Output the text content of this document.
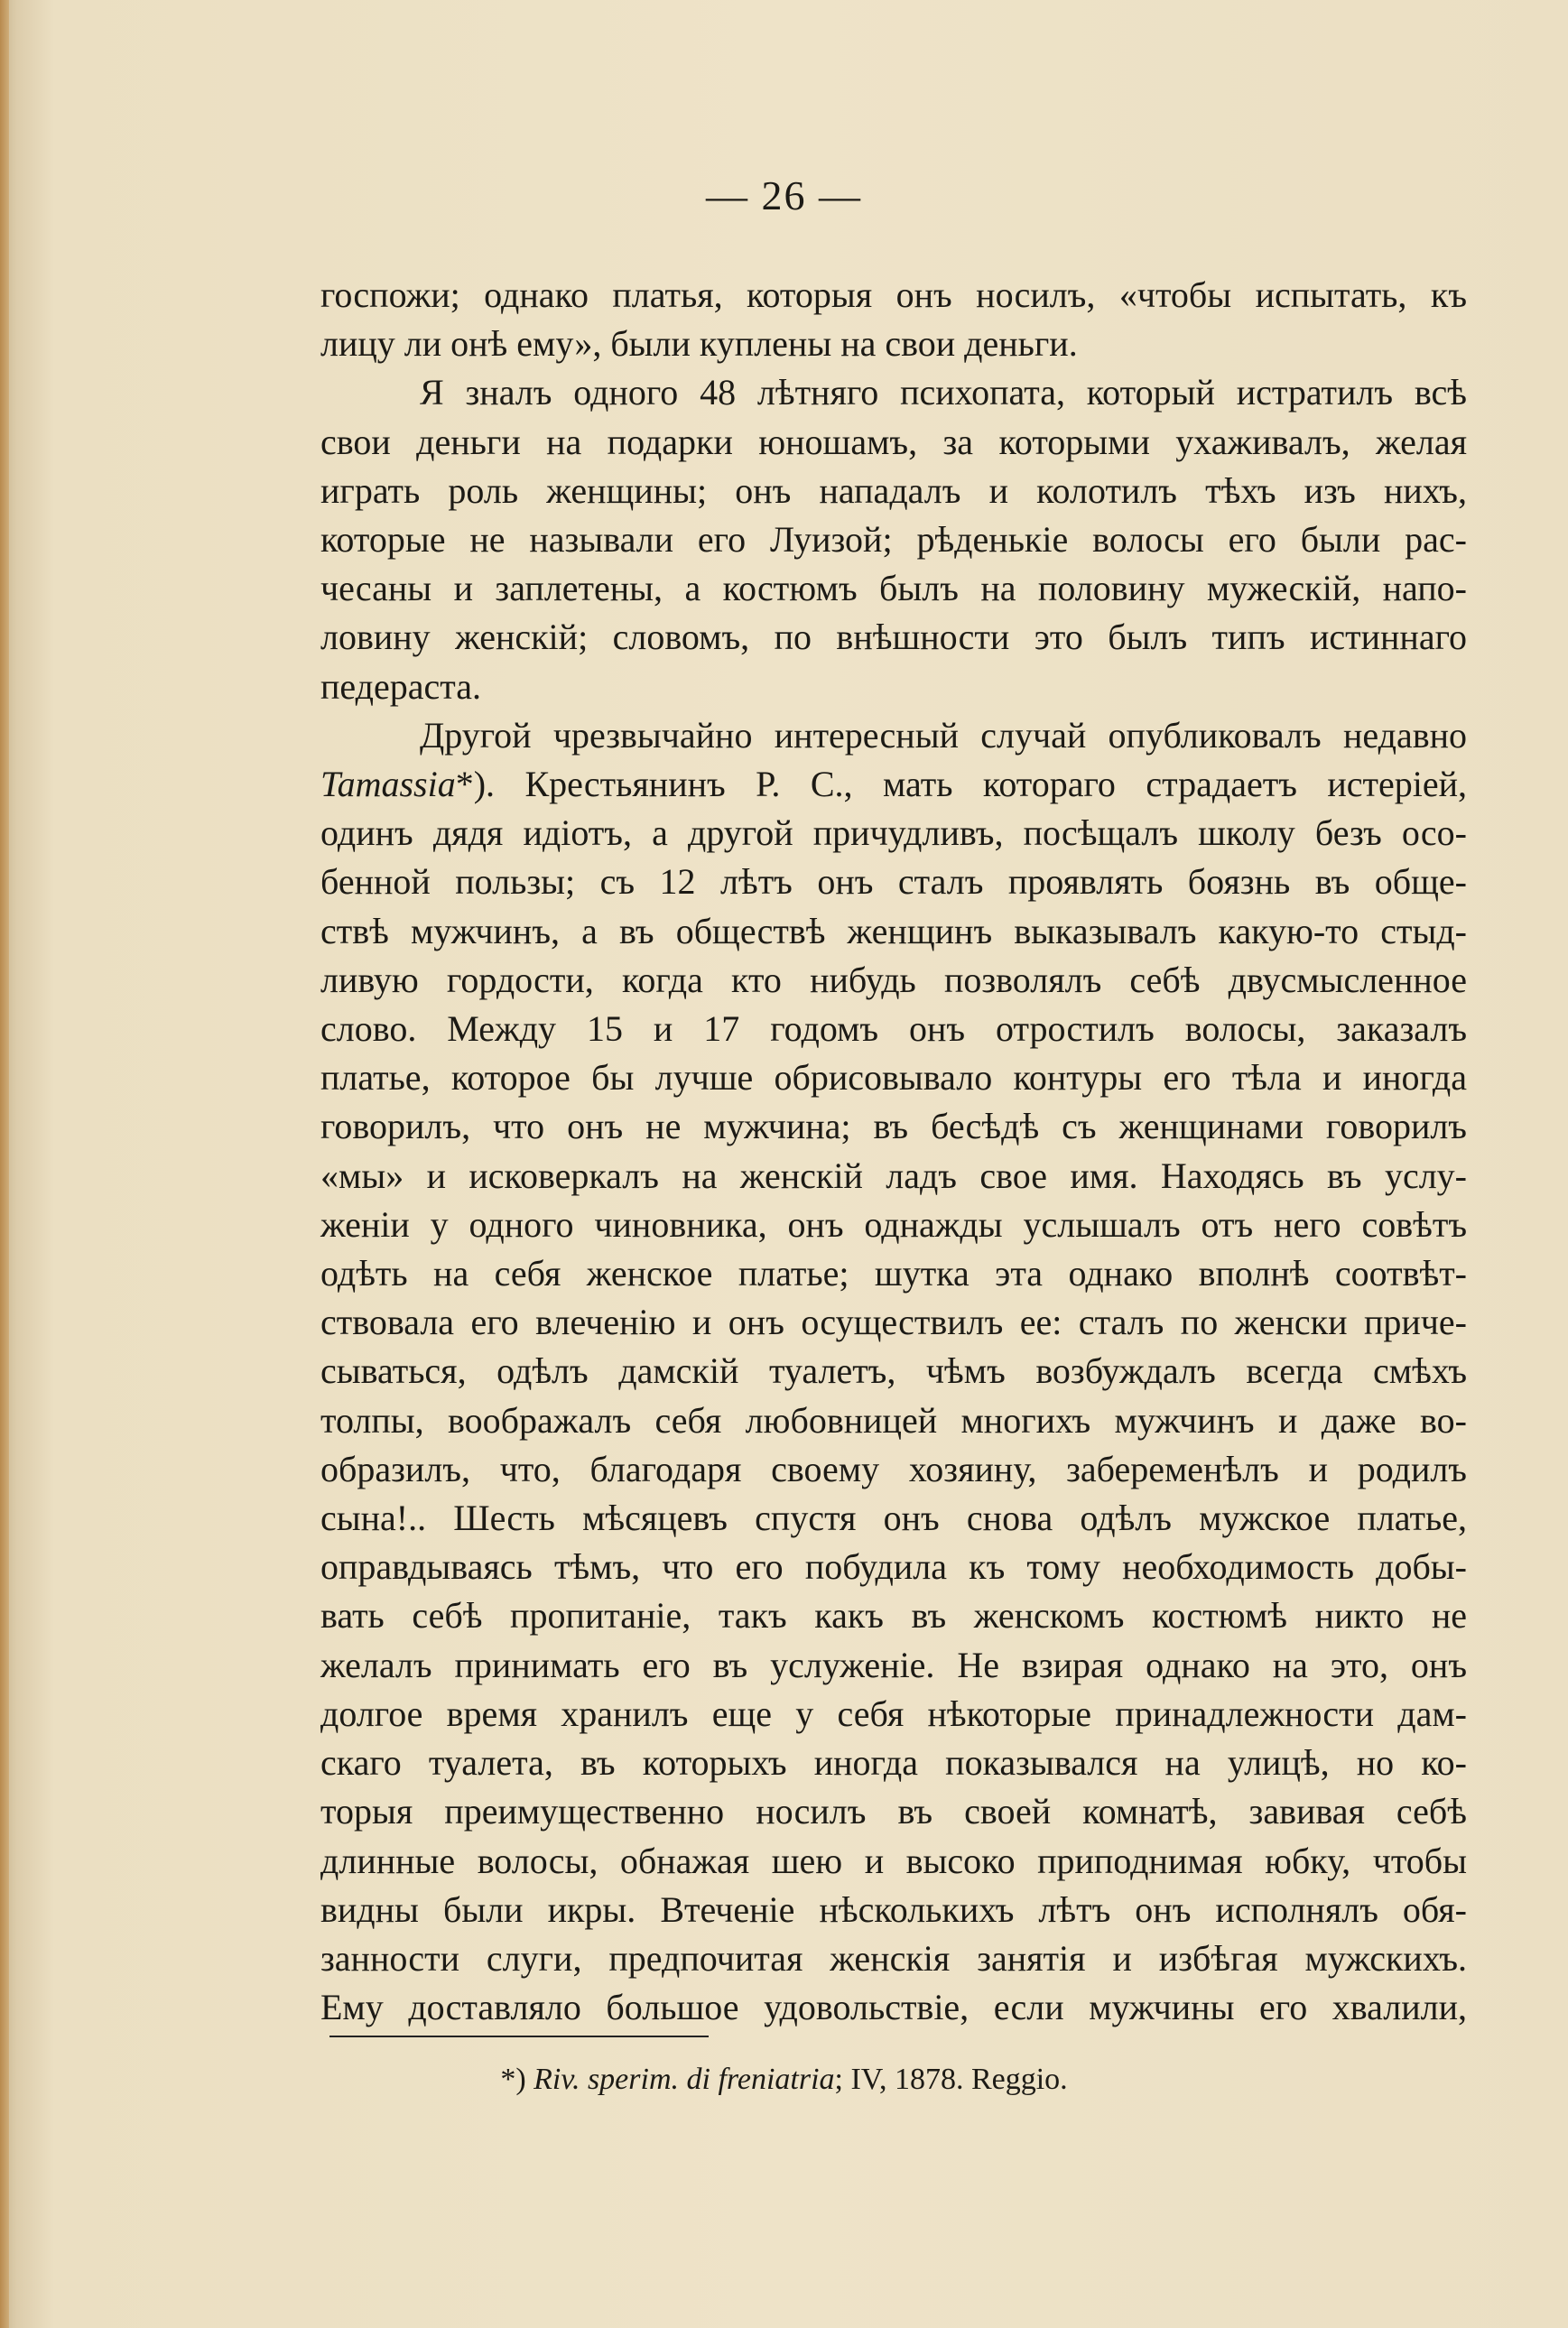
— 26 —

госпожи; однако платья, которыя онъ носилъ, «чтобы испытать, къ

лицу ли онѣ ему», были куплены на свои деньги.

Я зналъ одного 48 лѣтняго психопата, который истратилъ всѣ

свои деньги на подарки юношамъ, за которыми ухаживалъ, желая

играть роль женщины; онъ нападалъ и колотилъ тѣхъ изъ нихъ,

которые не называли его Луизой; рѣденькіе волосы его были рас-

чесаны и заплетены, а костюмъ былъ на половину мужескій, напо-

ловину женскій; словомъ, по внѣшности это былъ типъ истиннаго

педераста.

Другой чрезвычайно интересный случай опубликовалъ недавно

Tamassia*). Крестьянинъ Р. С., мать котораго страдаетъ истеріей,

одинъ дядя идіотъ, а другой причудливъ, посѣщалъ школу безъ осо-

бенной пользы; съ 12 лѣтъ онъ сталъ проявлять боязнь въ обще-

ствѣ мужчинъ, а въ обществѣ женщинъ выказывалъ какую-то стыд-

ливую гордости, когда кто нибудь позволялъ себѣ двусмысленное

слово. Между 15 и 17 годомъ онъ отростилъ волосы, заказалъ

платье, которое бы лучше обрисовывало контуры его тѣла и иногда

говорилъ, что онъ не мужчина; въ бесѣдѣ съ женщинами говорилъ

«мы» и исковеркалъ на женскій ладъ свое имя. Находясь въ услу-

женіи у одного чиновника, онъ однажды услышалъ отъ него совѣтъ

одѣть на себя женское платье; шутка эта однако вполнѣ соотвѣт-

ствовала его влеченію и онъ осуществилъ ее: сталъ по женски приче-

сываться, одѣлъ дамскій туалетъ, чѣмъ возбуждалъ всегда смѣхъ

толпы, воображалъ себя любовницей многихъ мужчинъ и даже во-

образилъ, что, благодаря своему хозяину, забеременѣлъ и родилъ

сына!.. Шесть мѣсяцевъ спустя онъ снова одѣлъ мужское платье,

оправдываясь тѣмъ, что его побудила къ тому необходимость добы-

вать себѣ пропитаніе, такъ какъ въ женскомъ костюмѣ никто не

желалъ принимать его въ услуженіе. Не взирая однако на это, онъ

долгое время хранилъ еще у себя нѣкоторые принадлежности дам-

скаго туалета, въ которыхъ иногда показывался на улицѣ, но ко-

торыя преимущественно носилъ въ своей комнатѣ, завивая себѣ

длинные волосы, обнажая шею и высоко приподнимая юбку, чтобы

видны были икры. Втеченіе нѣсколькихъ лѣтъ онъ исполнялъ обя-

занности слуги, предпочитая женскія занятія и избѣгая мужскихъ.

Ему доставляло большое удовольствіе, если мужчины его хвалили,

*) Riv. sperim. di freniatria; IV, 1878. Reggio.
